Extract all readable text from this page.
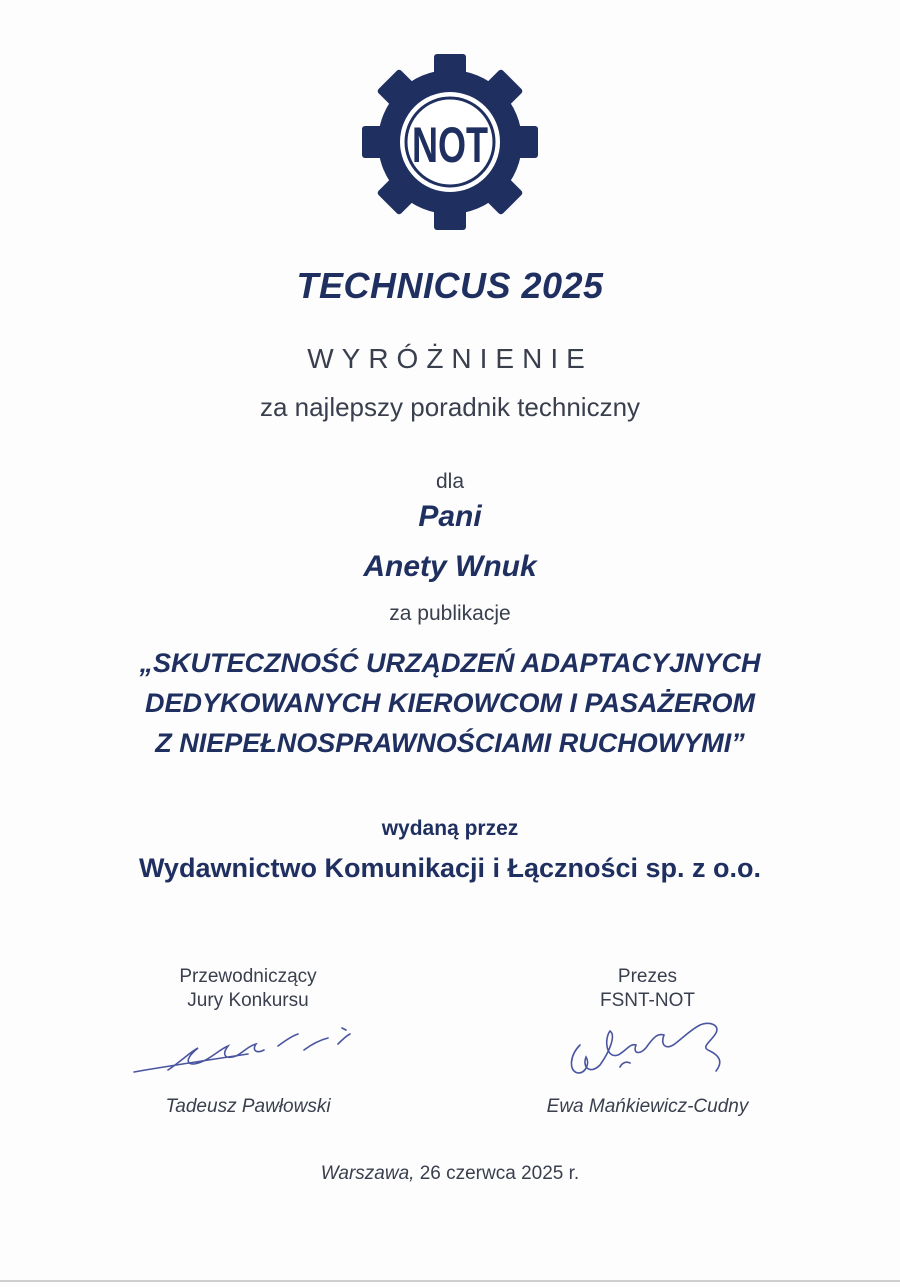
NOT
TECHNICUS 2025
WYRÓŻNIENIE
za najlepszy poradnik techniczny
dla
Pani
Anety Wnuk
za publikacje
„SKUTECZNOŚĆ URZĄDZEŃ ADAPTACYJNYCH
DEDYKOWANYCH KIEROWCOM I PASAŻEROM
Z NIEPEŁNOSPRAWNOŚCIAMI RUCHOWYMI”
wydaną przez
Wydawnictwo Komunikacji i Łączności sp. z o.o.
Przewodniczący
Jury Konkursu
Tadeusz Pawłowski
Prezes
FSNT-NOT
Ewa Mańkiewicz-Cudny
Warszawa, 26 czerwca 2025 r.
